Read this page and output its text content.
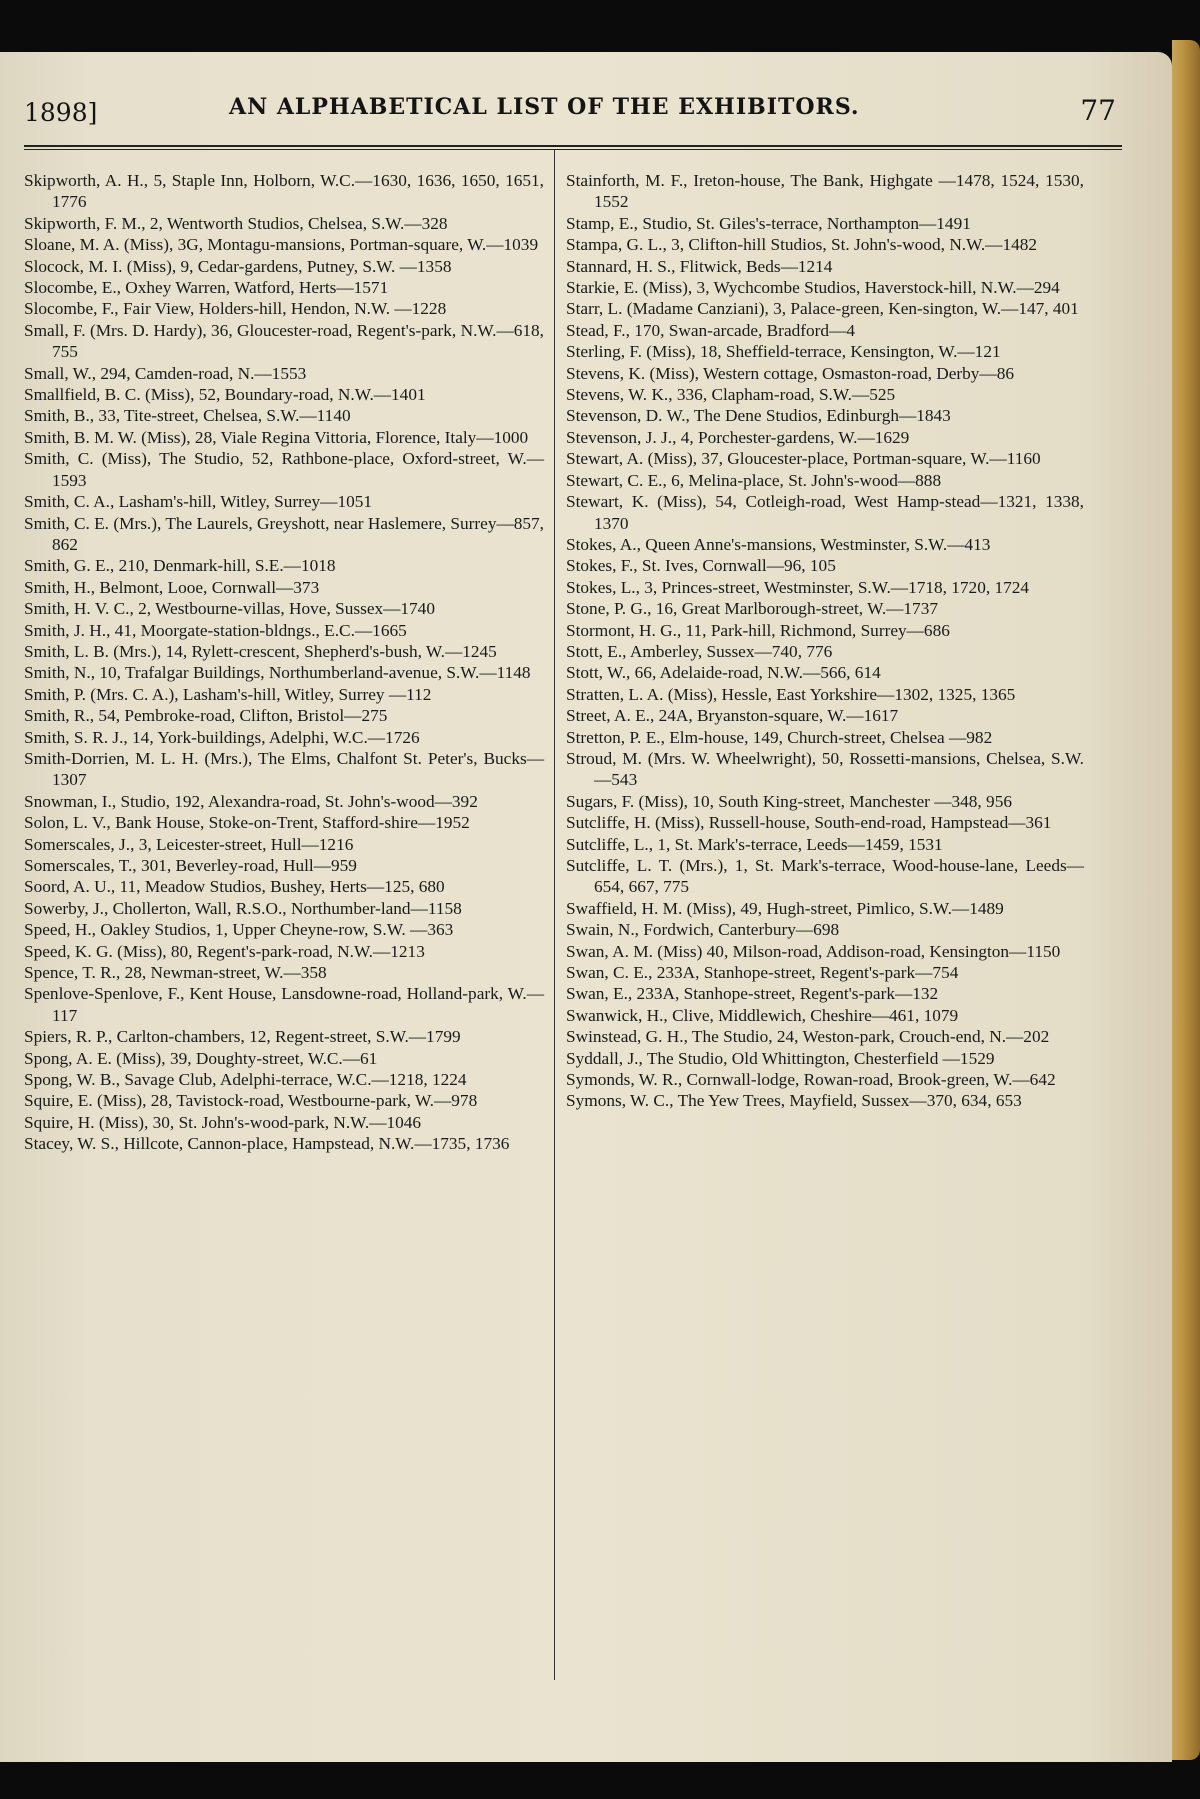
1898]	AN ALPHABETICAL LIST OF THE EXHIBITORS.	77

Skipworth, A. H., 5, Staple Inn, Holborn, W.C.—1630, 1636, 1650, 1651, 1776

Skipworth, F. M., 2, Wentworth Studios, Chelsea, S.W.—328

Sloane, M. A. (Miss), 3G, Montagu-mansions, Portman-square, W.—1039

Slocock, M. I. (Miss), 9, Cedar-gardens, Putney, S.W. —1358

Slocombe, E., Oxhey Warren, Watford, Herts—1571

Slocombe, F., Fair View, Holders-hill, Hendon, N.W. —1228

Small, F. (Mrs. D. Hardy), 36, Gloucester-road, Regent's-park, N.W.—618, 755

Small, W., 294, Camden-road, N.—1553

Smallfield, B. C. (Miss), 52, Boundary-road, N.W.—1401

Smith, B., 33, Tite-street, Chelsea, S.W.—1140

Smith, B. M. W. (Miss), 28, Viale Regina Vittoria, Florence, Italy—1000

Smith, C. (Miss), The Studio, 52, Rathbone-place, Oxford-street, W.—1593

Smith, C. A., Lasham's-hill, Witley, Surrey—1051

Smith, C. E. (Mrs.), The Laurels, Greyshott, near Haslemere, Surrey—857, 862

Smith, G. E., 210, Denmark-hill, S.E.—1018

Smith, H., Belmont, Looe, Cornwall—373

Smith, H. V. C., 2, Westbourne-villas, Hove, Sussex—1740

Smith, J. H., 41, Moorgate-station-bldngs., E.C.—1665

Smith, L. B. (Mrs.), 14, Rylett-crescent, Shepherd's-bush, W.—1245

Smith, N., 10, Trafalgar Buildings, Northumberland-avenue, S.W.—1148

Smith, P. (Mrs. C. A.), Lasham's-hill, Witley, Surrey —112

Smith, R., 54, Pembroke-road, Clifton, Bristol—275

Smith, S. R. J., 14, York-buildings, Adelphi, W.C.—1726

Smith-Dorrien, M. L. H. (Mrs.), The Elms, Chalfont St. Peter's, Bucks—1307

Snowman, I., Studio, 192, Alexandra-road, St. John's-wood—392

Solon, L. V., Bank House, Stoke-on-Trent, Stafford-shire—1952

Somerscales, J., 3, Leicester-street, Hull—1216

Somerscales, T., 301, Beverley-road, Hull—959

Soord, A. U., 11, Meadow Studios, Bushey, Herts—125, 680

Sowerby, J., Chollerton, Wall, R.S.O., Northumber-land—1158

Speed, H., Oakley Studios, 1, Upper Cheyne-row, S.W. —363

Speed, K. G. (Miss), 80, Regent's-park-road, N.W.—1213

Spence, T. R., 28, Newman-street, W.—358

Spenlove-Spenlove, F., Kent House, Lansdowne-road, Holland-park, W.—117

Spiers, R. P., Carlton-chambers, 12, Regent-street, S.W.—1799

Spong, A. E. (Miss), 39, Doughty-street, W.C.—61

Spong, W. B., Savage Club, Adelphi-terrace, W.C.—1218, 1224

Squire, E. (Miss), 28, Tavistock-road, Westbourne-park, W.—978

Squire, H. (Miss), 30, St. John's-wood-park, N.W.—1046

Stacey, W. S., Hillcote, Cannon-place, Hampstead, N.W.—1735, 1736

Stainforth, M. F., Ireton-house, The Bank, Highgate —1478, 1524, 1530, 1552

Stamp, E., Studio, St. Giles's-terrace, Northampton—1491

Stampa, G. L., 3, Clifton-hill Studios, St. John's-wood, N.W.—1482

Stannard, H. S., Flitwick, Beds—1214

Starkie, E. (Miss), 3, Wychcombe Studios, Haverstock-hill, N.W.—294

Starr, L. (Madame Canziani), 3, Palace-green, Ken-sington, W.—147, 401

Stead, F., 170, Swan-arcade, Bradford—4

Sterling, F. (Miss), 18, Sheffield-terrace, Kensington, W.—121

Stevens, K. (Miss), Western cottage, Osmaston-road, Derby—86

Stevens, W. K., 336, Clapham-road, S.W.—525

Stevenson, D. W., The Dene Studios, Edinburgh—1843

Stevenson, J. J., 4, Porchester-gardens, W.—1629

Stewart, A. (Miss), 37, Gloucester-place, Portman-square, W.—1160

Stewart, C. E., 6, Melina-place, St. John's-wood—888

Stewart, K. (Miss), 54, Cotleigh-road, West Hamp-stead—1321, 1338, 1370

Stokes, A., Queen Anne's-mansions, Westminster, S.W.—413

Stokes, F., St. Ives, Cornwall—96, 105

Stokes, L., 3, Princes-street, Westminster, S.W.—1718, 1720, 1724

Stone, P. G., 16, Great Marlborough-street, W.—1737

Stormont, H. G., 11, Park-hill, Richmond, Surrey—686

Stott, E., Amberley, Sussex—740, 776

Stott, W., 66, Adelaide-road, N.W.—566, 614

Stratten, L. A. (Miss), Hessle, East Yorkshire—1302, 1325, 1365

Street, A. E., 24A, Bryanston-square, W.—1617

Stretton, P. E., Elm-house, 149, Church-street, Chelsea —982

Stroud, M. (Mrs. W. Wheelwright), 50, Rossetti-mansions, Chelsea, S.W.—543

Sugars, F. (Miss), 10, South King-street, Manchester —348, 956

Sutcliffe, H. (Miss), Russell-house, South-end-road, Hampstead—361

Sutcliffe, L., 1, St. Mark's-terrace, Leeds—1459, 1531

Sutcliffe, L. T. (Mrs.), 1, St. Mark's-terrace, Wood-house-lane, Leeds—654, 667, 775

Swaffield, H. M. (Miss), 49, Hugh-street, Pimlico, S.W.—1489

Swain, N., Fordwich, Canterbury—698

Swan, A. M. (Miss) 40, Milson-road, Addison-road, Kensington—1150

Swan, C. E., 233A, Stanhope-street, Regent's-park—754

Swan, E., 233A, Stanhope-street, Regent's-park—132

Swanwick, H., Clive, Middlewich, Cheshire—461, 1079

Swinstead, G. H., The Studio, 24, Weston-park, Crouch-end, N.—202

Syddall, J., The Studio, Old Whittington, Chesterfield —1529

Symonds, W. R., Cornwall-lodge, Rowan-road, Brook-green, W.—642

Symons, W. C., The Yew Trees, Mayfield, Sussex—370, 634, 653
